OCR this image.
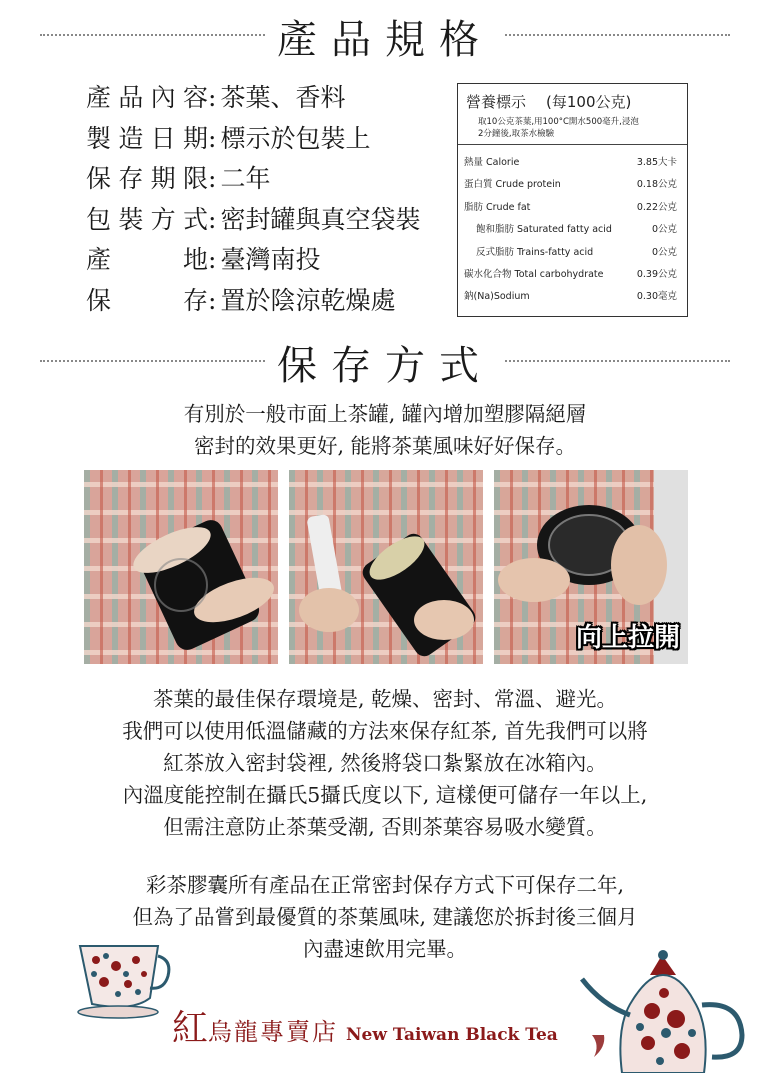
產品規格
產 品 內 容 : 茶葉、香料
製 造 日 期 : 標示於包裝上
保 存 期 限 : 二年
包 裝 方 式 : 密封罐與真空袋裝
產	地 : 臺灣南投
保	存 : 置於陰涼乾燥處
營養標示 (每100公克)
取10公克茶葉,用100°C開水500毫升,浸泡
2分鐘後,取茶水檢驗
熱量 Calorie	3.85大卡
蛋白質 Crude protein	0.18公克
脂肪 Crude fat	0.22公克
飽和脂肪 Saturated fatty acid	0公克
反式脂肪 Trains-fatty acid	0公克
碳水化合物 Total carbohydrate	0.39公克
鈉(Na)Sodium	0.30毫克
保存方式
有別於一般市面上茶罐, 罐內增加塑膠隔絕層
密封的效果更好, 能將茶葉風味好好保存。
向上拉開
茶葉的最佳保存環境是, 乾燥、密封、常溫、避光。
我們可以使用低溫儲藏的方法來保存紅茶, 首先我們可以將
紅茶放入密封袋裡, 然後將袋口紮緊放在冰箱內。
內溫度能控制在攝氏5攝氏度以下, 這樣便可儲存一年以上,
但需注意防止茶葉受潮, 否則茶葉容易吸水變質。
彩茶膠囊所有產品在正常密封保存方式下可保存二年,
但為了品嘗到最優質的茶葉風味, 建議您於拆封後三個月
內盡速飲用完畢。
紅烏龍專賣店 New Taiwan Black Tea
